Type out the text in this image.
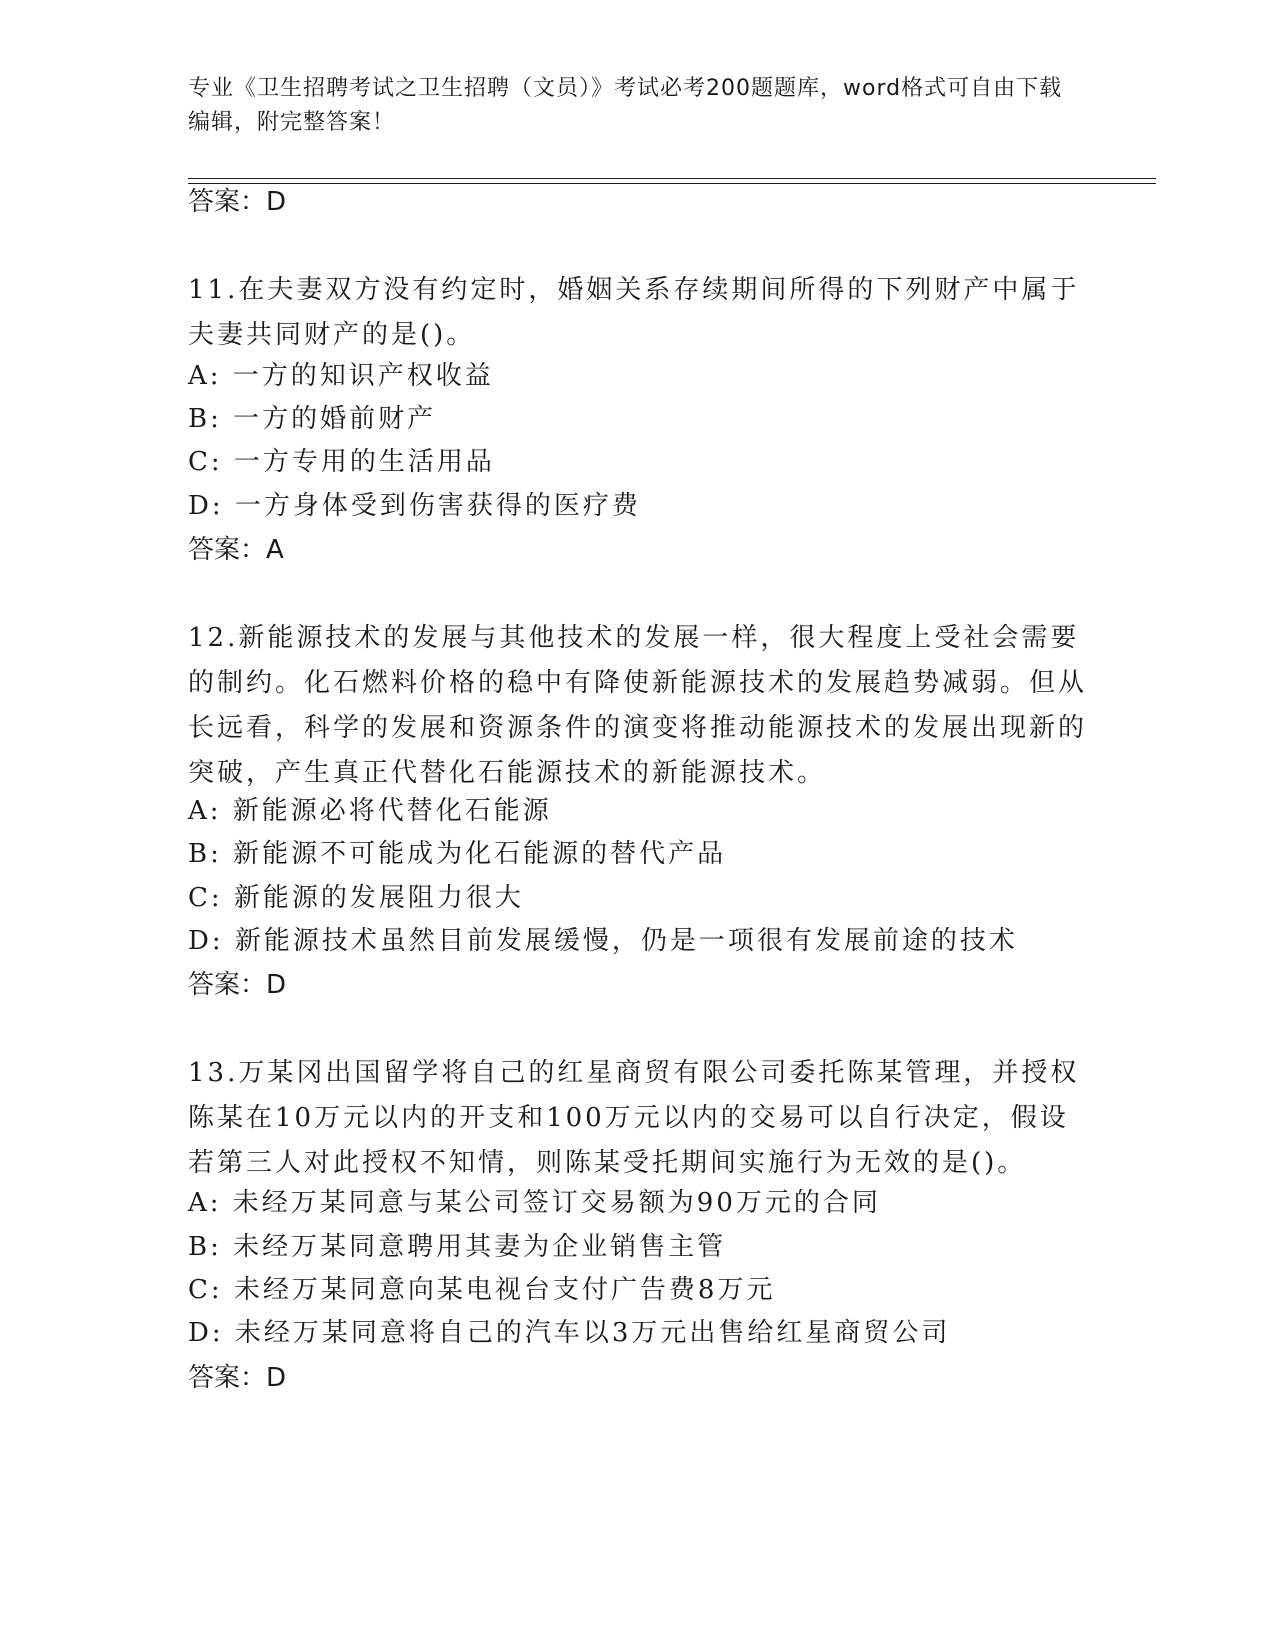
专业《卫生招聘考试之卫生招聘（文员）》考试必考200题题库，word格式可自由下载编辑，附完整答案！
答案：D
11.在夫妻双方没有约定时，婚姻关系存续期间所得的下列财产中属于夫妻共同财产的是()。
A: 一方的知识产权收益
B: 一方的婚前财产
C: 一方专用的生活用品
D: 一方身体受到伤害获得的医疗费
答案：A
12.新能源技术的发展与其他技术的发展一样，很大程度上受社会需要的制约。化石燃料价格的稳中有降使新能源技术的发展趋势减弱。但从长远看，科学的发展和资源条件的演变将推动能源技术的发展出现新的突破，产生真正代替化石能源技术的新能源技术。
A: 新能源必将代替化石能源
B: 新能源不可能成为化石能源的替代产品
C: 新能源的发展阻力很大
D: 新能源技术虽然目前发展缓慢，仍是一项很有发展前途的技术
答案：D
13.万某冈出国留学将自己的红星商贸有限公司委托陈某管理，并授权陈某在10万元以内的开支和100万元以内的交易可以自行决定，假设若第三人对此授权不知情，则陈某受托期间实施行为无效的是()。
A: 未经万某同意与某公司签订交易额为90万元的合同
B: 未经万某同意聘用其妻为企业销售主管
C: 未经万某同意向某电视台支付广告费8万元
D: 未经万某同意将自己的汽车以3万元出售给红星商贸公司
答案：D
